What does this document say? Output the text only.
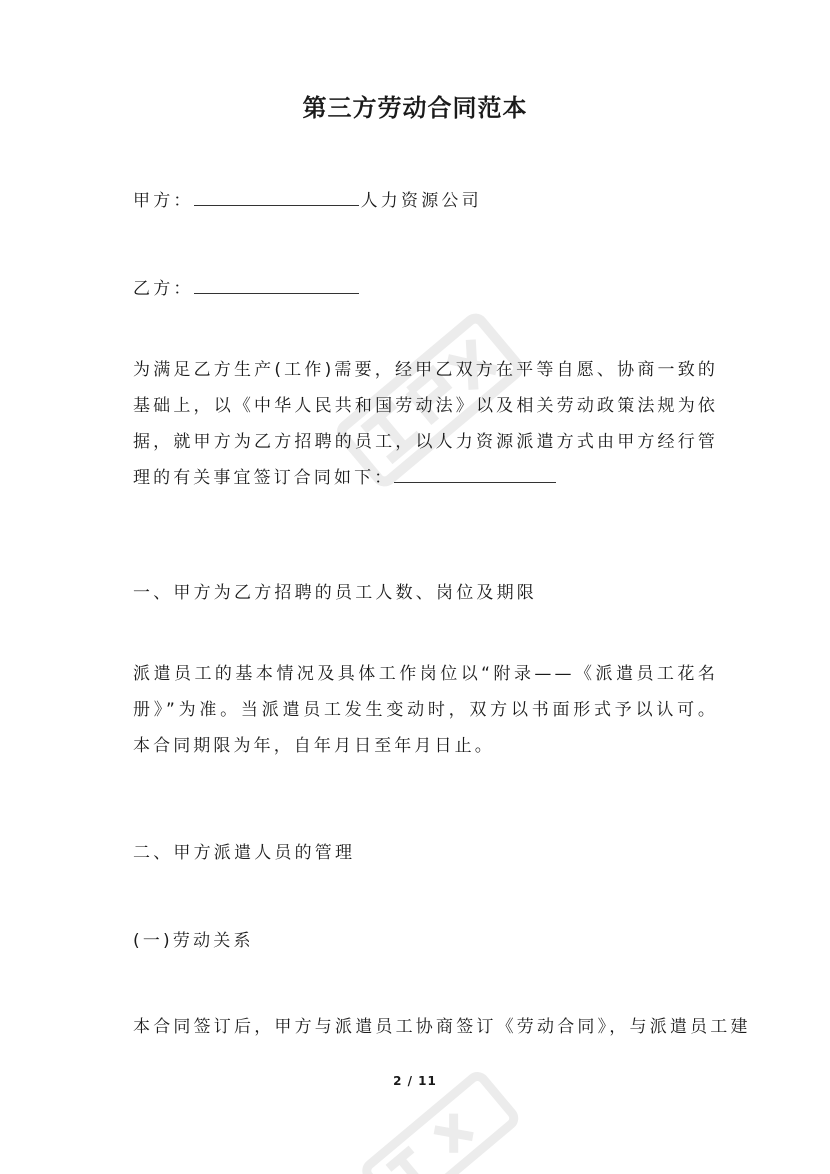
第三方劳动合同范本
甲方：	人力资源公司
乙方：
为满足乙方生产(工作)需要，经甲乙双方在平等自愿、协商一致的基础上，以《中华人民共和国劳动法》以及相关劳动政策法规为依据，就甲方为乙方招聘的员工，以人力资源派遣方式由甲方经行管理的有关事宜签订合同如下：
一、甲方为乙方招聘的员工人数、岗位及期限
派遣员工的基本情况及具体工作岗位以“附录——《派遣员工花名册》”为准。当派遣员工发生变动时，双方以书面形式予以认可。本合同期限为年，自年月日至年月日止。
二、甲方派遣人员的管理
(一)劳动关系
本合同签订后，甲方与派遣员工协商签订《劳动合同》，与派遣员工建
2 / 11
